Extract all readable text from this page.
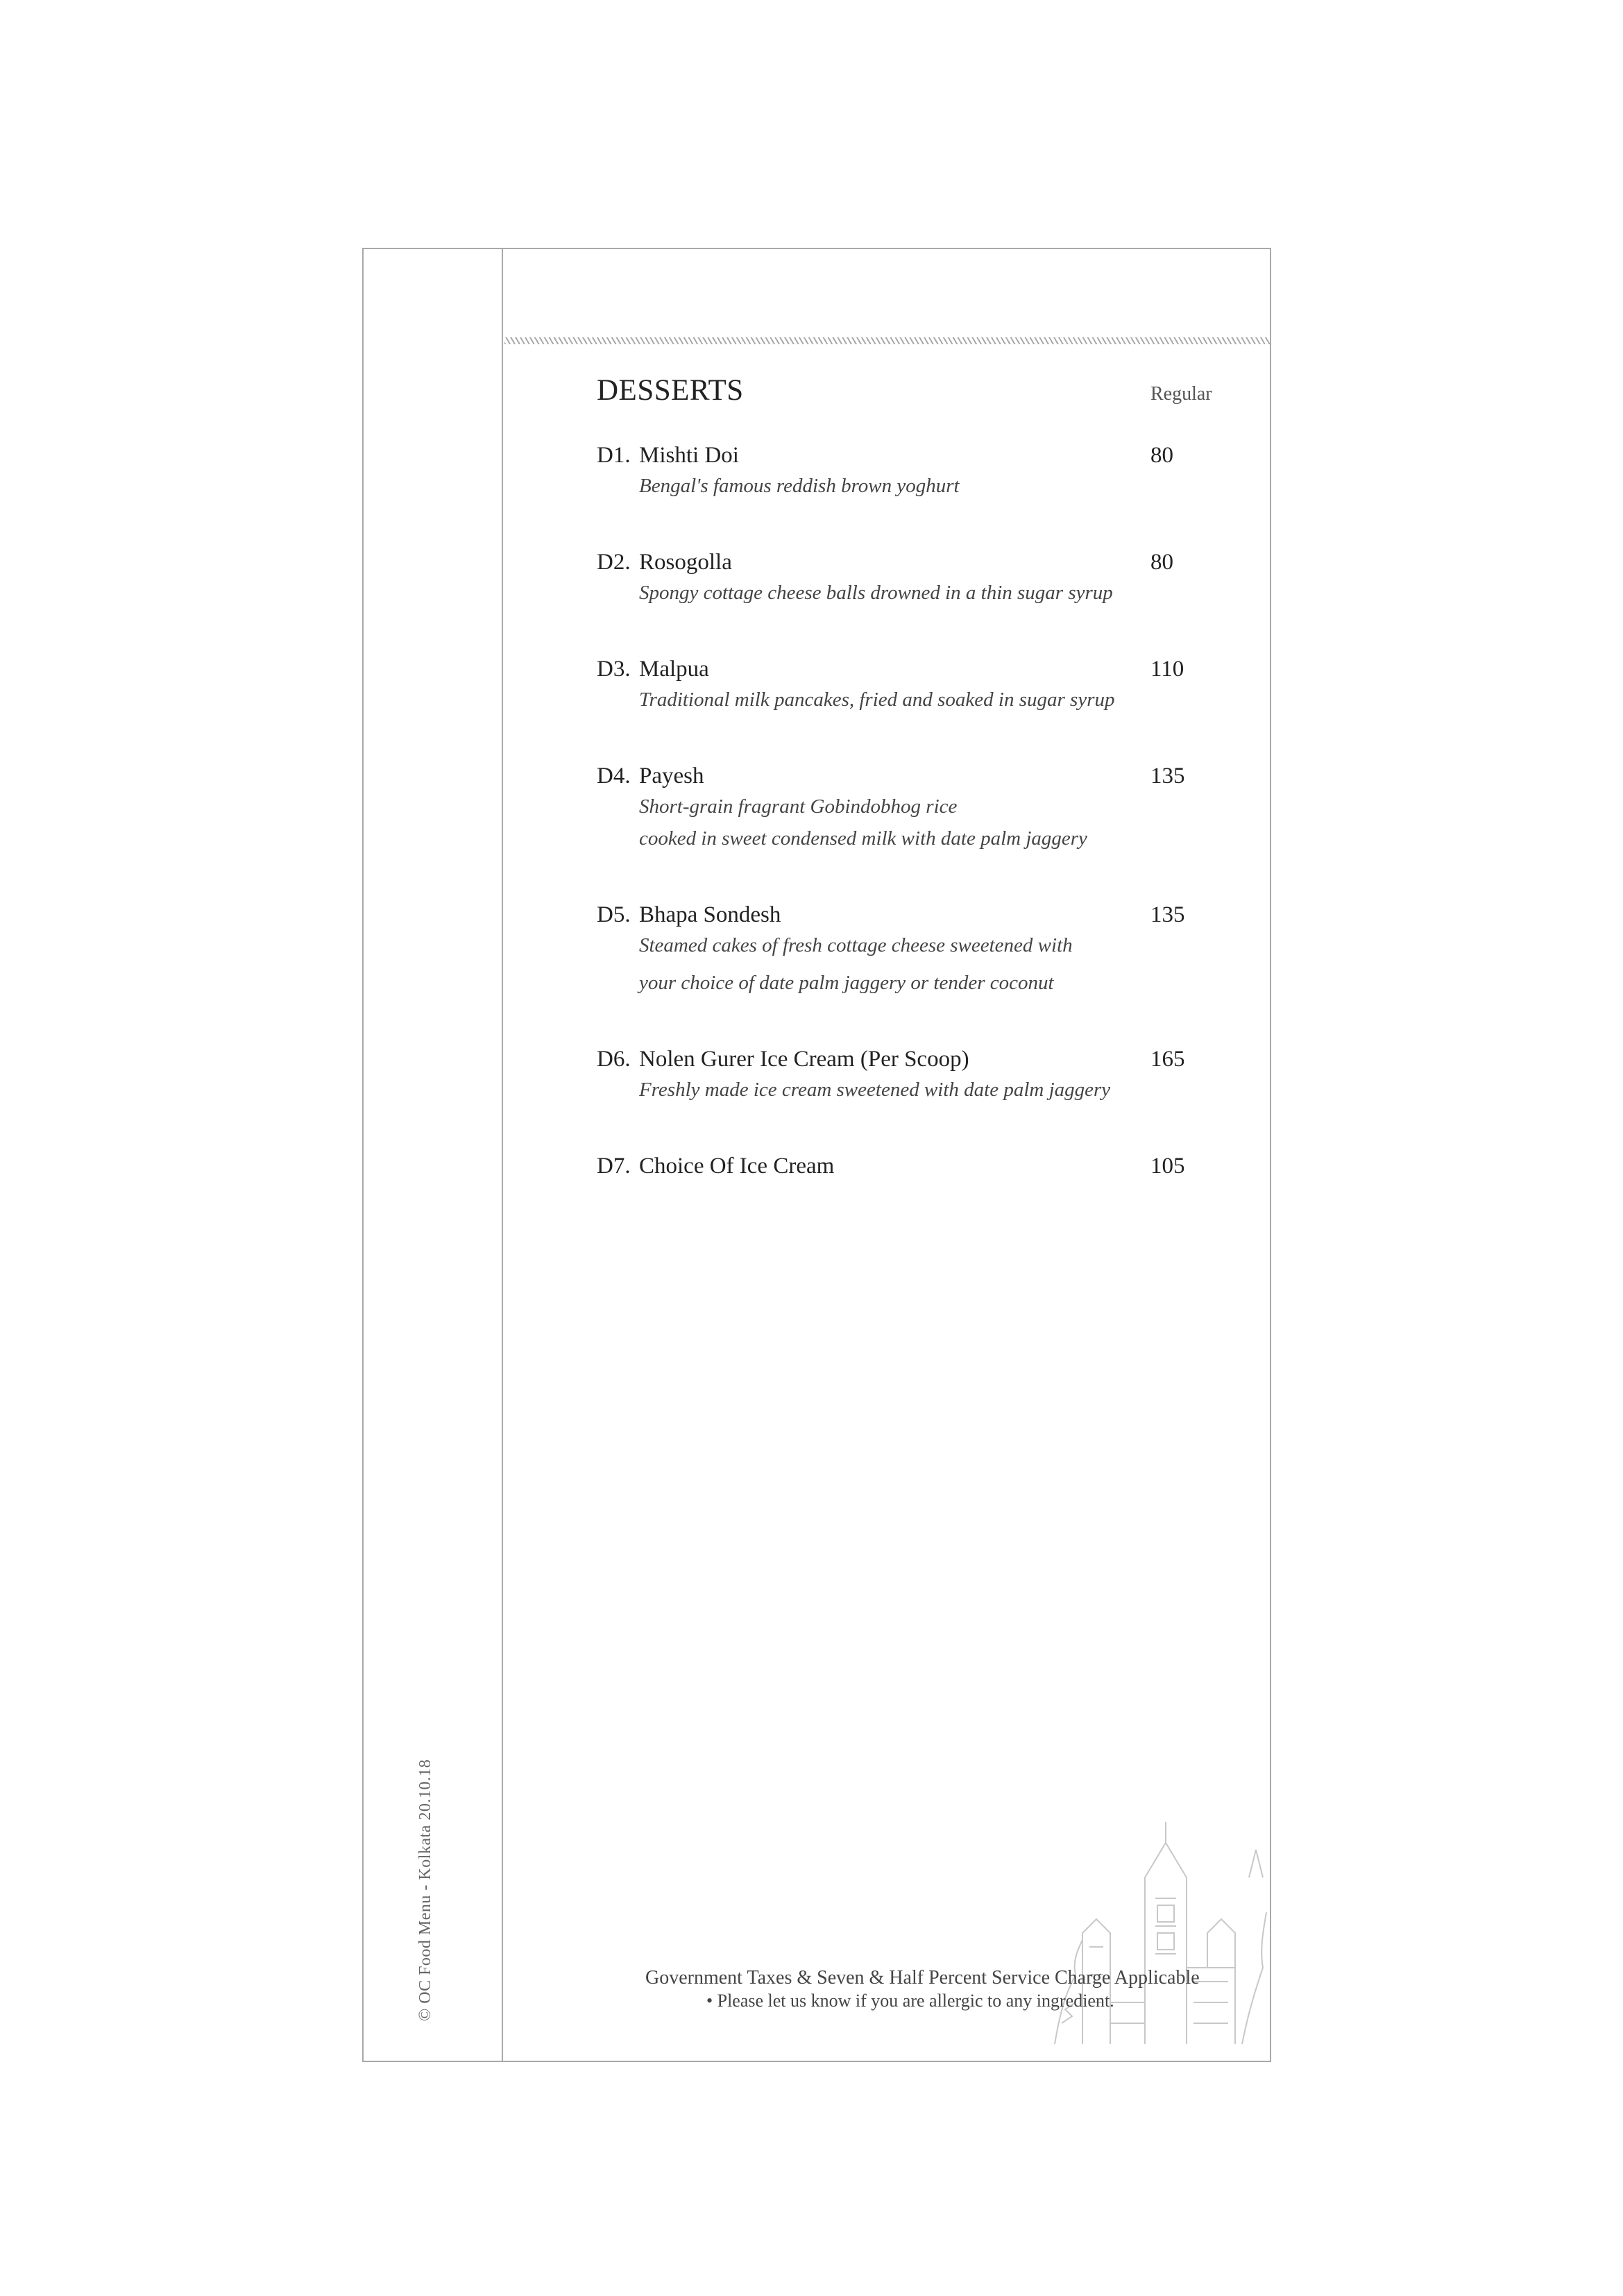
© OC Food Menu - Kolkata 20.10.18
DESSERTS	Regular
D1. Mishti Doi	80
Bengal's famous reddish brown yoghurt
D2. Rosogolla	80
Spongy cottage cheese balls drowned in a thin sugar syrup
D3. Malpua	110
Traditional milk pancakes, fried and soaked in sugar syrup
D4. Payesh	135
Short-grain fragrant Gobindobhog rice
cooked in sweet condensed milk with date palm jaggery
D5. Bhapa Sondesh	135
Steamed cakes of fresh cottage cheese sweetened with
your choice of date palm jaggery or tender coconut
D6. Nolen Gurer Ice Cream (Per Scoop)	165
Freshly made ice cream sweetened with date palm jaggery
D7. Choice Of Ice Cream	105
Government Taxes & Seven & Half Percent Service Charge Applicable
• Please let us know if you are allergic to any ingredient.
